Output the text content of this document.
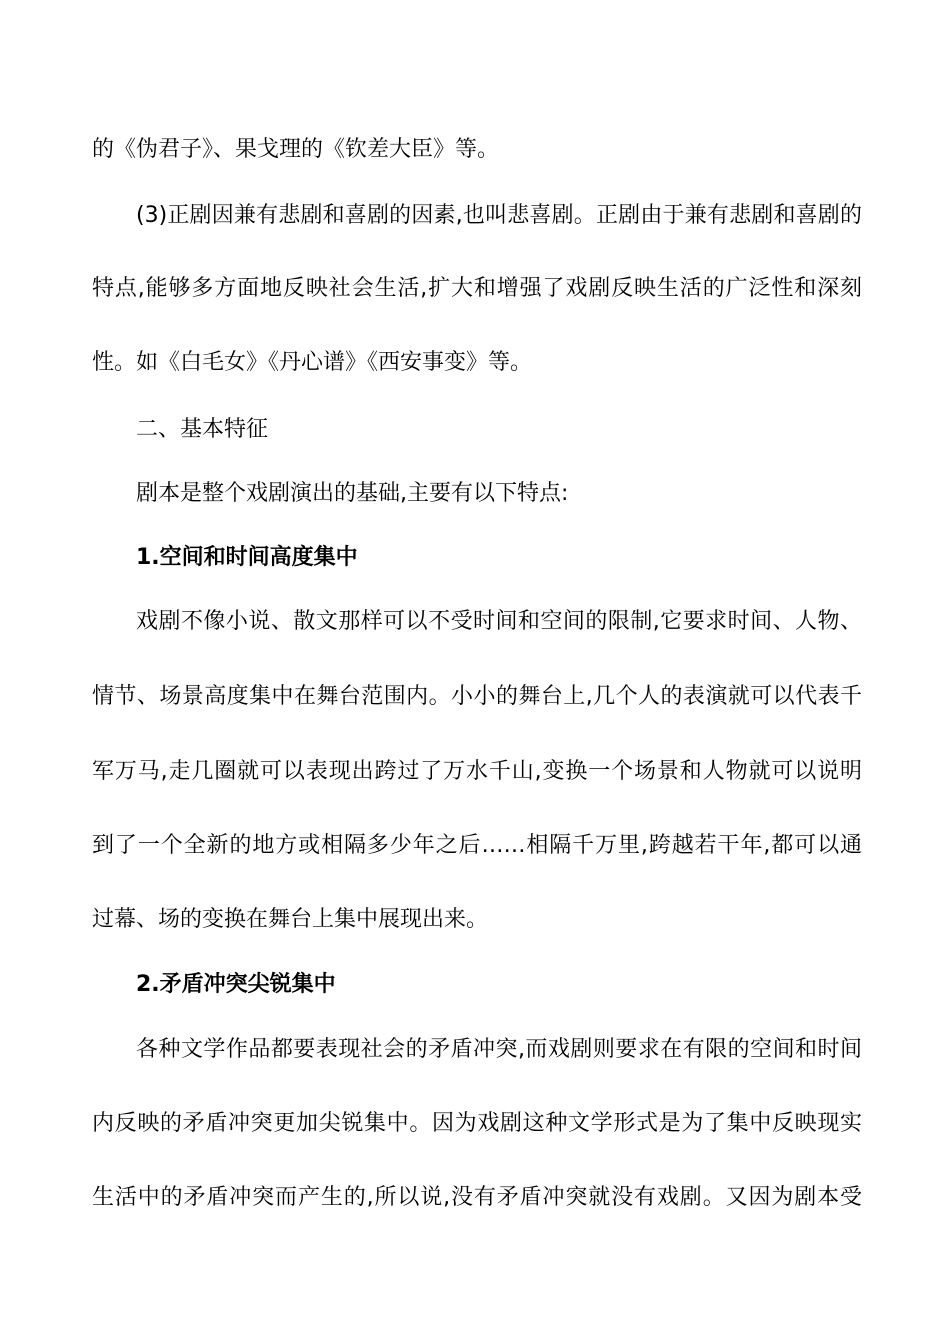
的《伪君子》、果戈理的《钦差大臣》等。
(3)正剧因兼有悲剧和喜剧的因素,也叫悲喜剧。正剧由于兼有悲剧和喜剧的
特点,能够多方面地反映社会生活,扩大和增强了戏剧反映生活的广泛性和深刻
性。如《白毛女》《丹心谱》《西安事变》等。
二、基本特征
剧本是整个戏剧演出的基础,主要有以下特点:
1.空间和时间高度集中
戏剧不像小说、散文那样可以不受时间和空间的限制,它要求时间、人物、
情节、场景高度集中在舞台范围内。小小的舞台上,几个人的表演就可以代表千
军万马,走几圈就可以表现出跨过了万水千山,变换一个场景和人物就可以说明
到了一个全新的地方或相隔多少年之后……相隔千万里,跨越若干年,都可以通
过幕、场的变换在舞台上集中展现出来。
2.矛盾冲突尖锐集中
各种文学作品都要表现社会的矛盾冲突,而戏剧则要求在有限的空间和时间
内反映的矛盾冲突更加尖锐集中。因为戏剧这种文学形式是为了集中反映现实
生活中的矛盾冲突而产生的,所以说,没有矛盾冲突就没有戏剧。又因为剧本受
